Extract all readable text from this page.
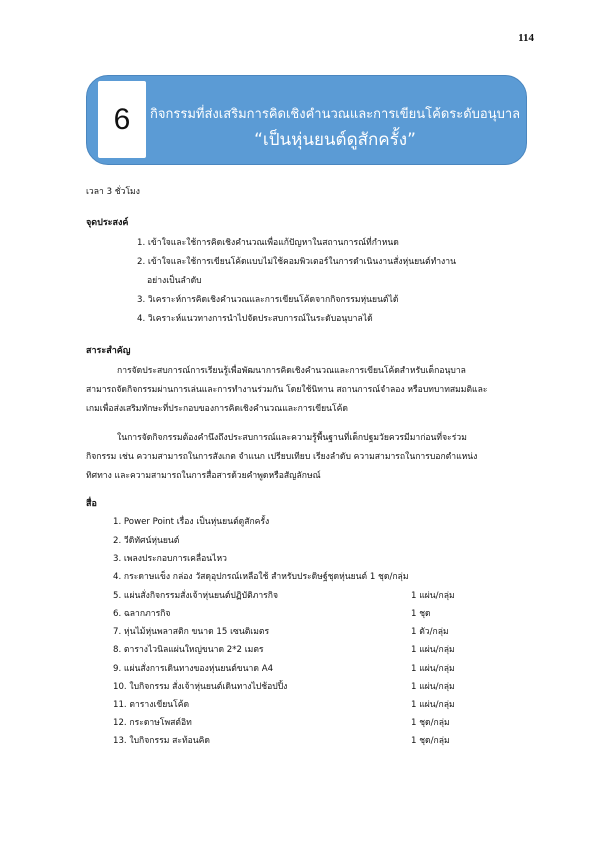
114
6	กิจกรรมที่ส่งเสริมการคิดเชิงคำนวณและการเขียนโค้ดระดับอนุบาล
“เป็นหุ่นยนต์ดูสักครั้ง”
เวลา 3 ชั่วโมง
จุดประสงค์
1. เข้าใจและใช้การคิดเชิงคำนวณเพื่อแก้ปัญหาในสถานการณ์ที่กำหนด
2. เข้าใจและใช้การเขียนโค้ดแบบไม่ใช้คอมพิวเตอร์ในการดำเนินงานสั่งหุ่นยนต์ทำงาน
อย่างเป็นลำดับ
3. วิเคราะห์การคิดเชิงคำนวณและการเขียนโค้ดจากกิจกรรมหุ่นยนต์ได้
4. วิเคราะห์แนวทางการนำไปจัดประสบการณ์ในระดับอนุบาลได้
สาระสำคัญ
การจัดประสบการณ์การเรียนรู้เพื่อพัฒนาการคิดเชิงคำนวณและการเขียนโค้ดสำหรับเด็กอนุบาล
สามารถจัดกิจกรรมผ่านการเล่นและการทำงานร่วมกัน โดยใช้นิทาน สถานการณ์จำลอง หรือบทบาทสมมติและ
เกมเพื่อส่งเสริมทักษะที่ประกอบของการคิดเชิงคำนวณและการเขียนโค้ด
ในการจัดกิจกรรมต้องคำนึงถึงประสบการณ์และความรู้พื้นฐานที่เด็กปฐมวัยควรมีมาก่อนที่จะร่วม
กิจกรรม เช่น ความสามารถในการสังเกต จำแนก เปรียบเทียบ เรียงลำดับ ความสามารถในการบอกตำแหน่ง
ทิศทาง และความสามารถในการสื่อสารด้วยคำพูดหรือสัญลักษณ์
สื่อ
1. Power Point เรื่อง เป็นหุ่นยนต์ดูสักครั้ง
2. วีดิทัศน์หุ่นยนต์
3. เพลงประกอบการเคลื่อนไหว
4. กระดาษแข็ง กล่อง วัสดุอุปกรณ์เหลือใช้ สำหรับประดิษฐ์ชุดหุ่นยนต์ 1 ชุด/กลุ่ม
5. แผ่นสั่งกิจกรรมสั่งเจ้าหุ่นยนต์ปฏิบัติภารกิจ	1 แผ่น/กลุ่ม
6. ฉลากภารกิจ	1 ชุด
7. หุ่นไม้หุ่นพลาสติก ขนาด 15 เซนติเมตร	1 ตัว/กลุ่ม
8. ตารางไวนิลแผ่นใหญ่ขนาด 2*2 เมตร	1 แผ่น/กลุ่ม
9. แผ่นสั่งการเดินทางของหุ่นยนต์ขนาด A4	1 แผ่น/กลุ่ม
10. ใบกิจกรรม สั่งเจ้าหุ่นยนต์เดินทางไปช้อปปิ้ง	1 แผ่น/กลุ่ม
11. ตารางเขียนโค้ด	1 แผ่น/กลุ่ม
12. กระดาษโพสต์อิท	1 ชุด/กลุ่ม
13. ใบกิจกรรม สะท้อนคิด	1 ชุด/กลุ่ม
